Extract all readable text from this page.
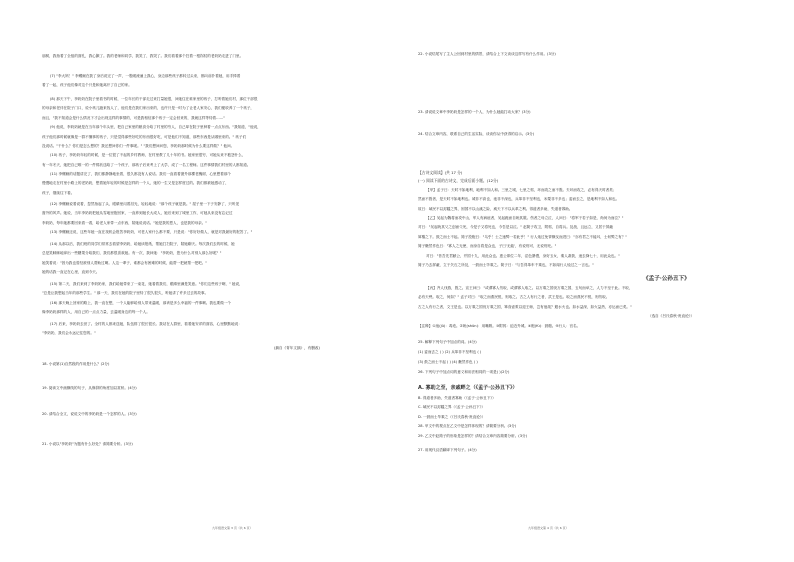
朋树，我抬着了全组的面孔，我心颤了。我的老师和同学，我笑了，我哭了。我们看着那个拄着一根拐杖的老奶奶走进了门里。

(7) "李大妈！" 李螺蜒在我了身后说完了一声，一股暖流涌上我心，身边那些孩子都转过头来，都向前扑着她，用手捧着

着了一起，孩子他们像对这个只是和她离开了自己的家。

(8) 那天下午，李奶奶在院子里看书的时候，一位年长的干部走过来打量她很，问她住在谁家里的孩子，打听着她们村，那位干部很

的母亲和老伴在院子门口，说小孩儿跑来找人了，他们是在我们家出来的，也许只是一时为了让老人家安心，我们便收养了一个孩子，

而且，"我不知道会是什么情况下才会出现这样的事情的，可是我相信那个孩子一定会回来的，我就这样等待着……"

(9) 他说，李奶奶就是在当年那个年头里，把自己家里的粮食分给了村里的穷人，自己却在院子里种着一点点东西。"我知道，"他说，

孩子他们那时候就像是一群不懂事的孩子，只是觉得那些好吃的东西很好吃，可是他们不知道，那些东西是从哪里来的。" 孩子们

没说话。"干什么？你们是怎么想的？我还想问你们一件事呢。" "我们想问问您，李奶奶那时候为什么要这样做？" 他问。

(10) 孩子，李奶奶年轻的时候，是一位很了不起的乡村教师，在村里教了几十年的书。她家里很穷，可她从来不抱怨什么，

有一年冬天，她把自己唯一的一件棉袄送给了一个孩子，那孩子后来考上了大学，成了一名工程师。这件事情我们村里的人都知道。

(11) 李螺蜒的话题讲完了，我们都静静地坐着，很久都没有人说话。我们一直看着窗外那棵老槐树，心里想着那个

慢慢地走在村里小路上的老奶奶，想着她年轻的时候是怎样的一个人，她的一生又是怎样度过的。我们都被她感动了，

孩子，继续往下看。

(12) 李螺蜒说着说着，忽然抬起了头，眼睛里闪着泪光，轻轻地说："那个孩子就是我。" 屋子里一下子安静了，只听见

窗外的风声。她说，当年李奶奶把她从雪地里抱回家，一直养到她长大成人，她后来到了城里工作，可她从来没有忘记过

李奶奶，每年她都要回来看一看，给老人家带一点东西，陪她说说话。"她是我的恩人，也是我的母亲。"

(13) 李螺蜒还说，这些年她一直在找机会报答李奶奶，可老人家什么都不要，只是说："你好好做人，就是对我最好的报答了。"

(14) 从那以后，我们班的同学们常常去看望李奶奶，给她读报纸，帮她打扫院子，陪她聊天。每次我们去的时候，她

总是笑眯眯地拿出一些糖果分给我们，我们都很喜欢她。有一次，我问她："李奶奶，您为什么对别人那么好呢？"

她笑着说："因为我也曾经被别人帮助过啊。人这一辈子，谁都会有困难的时候，能帮一把就帮一把吧。"

她的话我一直记在心里，直到今天。

(15) 第二天，我们来到了李奶奶家，我们给她带来了一束花，她看着我们，眼睛里满是笑意。"你们这些孩子啊，" 她说，

"总是让我想起当年的那些学生。" 那一天，我们在她的院子里待了很久很久，听她讲了许多过去的故事。

(16) 那天晚上回家的路上，我一直在想，一个人能够给别人带来温暖，那该是多么幸福的一件事啊。我也要做一个

像李奶奶那样的人，用自己的一点点力量，去温暖身边的每一个人。

(17) 后来，李奶奶去世了。全村的人都来送她，队伍排了很长很长。我站在人群里，看着她安详的面容，心里默默地说：

"李奶奶，我们会永远记住您的。"

(摘自《青年文摘》，有删改)
18. 小说第(1)自然段的作用是什么？(2分)
19. 阅读文中画横线的句子，从修辞的角度加以赏析。(4分)
20. 请结合全文，说说文中的李奶奶是一个怎样的人。(3分)
21. 小说以"李奶奶"为题有什么好处？请简要分析。(3分)
九年级语文第 3 页（共 6 页）
22. 小说结尾写了主人公回到村里的情景，请结合上下文谈谈这样写有什么作用。(3分)
23. 请说说文章中李奶奶是怎样的一个人，为什么她能打动大家？(3分)
24. 结合文章内容，联系自己的生活实际，谈谈你从中获得的启示。(3分)
【古诗文阅读】(共 17 分)
(一) 阅读下面的古诗文，完成后面小题。(12分)

【甲】孟子曰：天时不如地利，地利不如人和。三里之城，七里之郭，环而攻之而不胜。夫环而攻之，必有得天时者矣；

然而不胜者，是天时不如地利也。城非不高也，池非不深也，兵革非不坚利也，米粟非不多也；委而去之，是地利不如人和也。

故曰：域民不以封疆之界，固国不以山溪之险，威天下不以兵革之利。得道者多助，失道者寡助。

【乙】吴起为魏将而攻中山，军人有病疽者，吴起跪而自吮其脓。伤者之母立泣，人问曰："将军于若子如是，尚何为而泣？"

对曰："吴起吮其父之创而父死，今是子又将死也，今吾是以泣。" 赵简子攻卫，附郭，自将兵。及战，且远立，又居于屏蔽

犀橹之下。鼓之而士不起。简子投枹曰："乌乎！士之速弊一若此乎！" 行人烛过免胄横戈而进曰："亦有君之不能耳，士何弊之有？"

简子艴然作色曰："寡人之无使，而身自将是众也，子曰'无能'，有说则可，无说则死。"

对曰："昔吾先君献公，并国十九，用此众也。惠公即位二年，淫色暴慢，身好玉女，秦人袭我，逊去绛七十，用此众也。"

简子乃去屏蔽，立于矢石之所及，一鼓而士毕乘之。简子曰："与吾得革车千乘也，不如闻行人烛过之一言也。"

《孟子·公孙丑下》

【丙】齐人伐燕，胜之。宣王问曰："或谓寡人勿取，或谓寡人取之。以万乘之国伐万乘之国，五旬而举之，人力不至于此。不取，

必有天殃。取之，何如？" 孟子对曰："取之而燕民悦，则取之。古之人有行之者，武王是也。取之而燕民不悦，则勿取。

古之人有行之者，文王是也。以万乘之国伐万乘之国，箪食壶浆以迎王师，岂有他哉？避水火也。如水益深，如火益热，亦运而已矣。"

（选自《吕氏春秋·贵直论》）
【注释】①疽(jū)：毒疮。②吮(shǔn)：用嘴吸。③附郭：迫近外城。④枹(fú)：鼓槌。⑤行人：官名。
25. 解释下列句子中加点的词。(4分)
(1) 委而去之 ( ) (2) 兵革非不坚利也 ( )
(3) 鼓之而士不起 ( ) (4) 艴然作色 ( )
26. 下列句子中加点词的意义和用法相同的一项是( )(2分)
A. 寡助之至，亲戚畔之（《孟子·公孙丑下》）

B. 得道者多助，失道者寡助（《孟子·公孙丑下》）

C. 域民不以封疆之界（《孟子·公孙丑下》）

D. 一鼓而士毕乘之（《吕氏春秋·贵直论》）

28. 甲文中的观点在乙文中是怎样体现的？请简要分析。(3分)

29. 乙文中赵简子的形象是怎样的？请结合文章内容简要分析。(3分)

27. 用现代汉语翻译下列句子。(4分)
九年级语文第 4 页（共 6 页）
